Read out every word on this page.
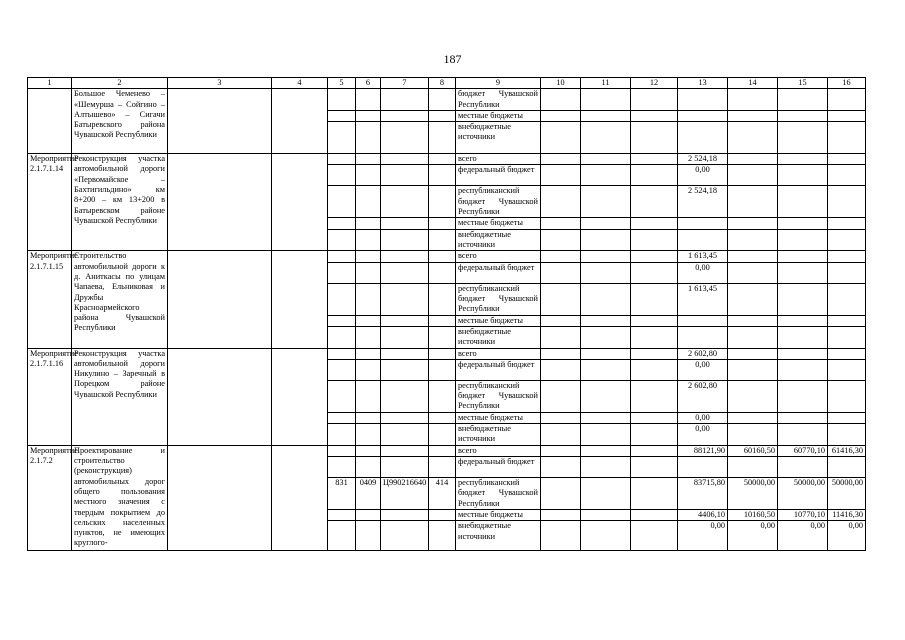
187
1	2	3	4	5	6	7	8	9	10	11	12	13	14	15	16
	Большое Чеменево – «Шемурша – Сойгино – Алтышево» – Сигачи Батыревского района Чувашской Республики							бюджет Чувашской Республики							
								местные бюджеты							
								внебюджетные источники							
Мероприятие 2.1.7.1.14	Реконструкция участка автомобильной дороги «Первомайское – Бахтигильдино» км 8+200 – км 13+200 в Батыревском районе Чувашской Республики							всего				2 524,18			
								федеральный бюджет				0,00			
								республиканский бюджет Чувашской Республики				2 524,18			
								местные бюджеты							
								внебюджетные источники							
Мероприятие 2.1.7.1.15	Строительство автомобильной дороги к д. Аниткасы по улицам Чапаева, Ельниковая и Дружбы Красноармейского района Чувашской Республики							всего				1 613,45			
								федеральный бюджет				0,00			
								республиканский бюджет Чувашской Республики				1 613,45			
								местные бюджеты							
								внебюджетные источники							
Мероприятие 2.1.7.1.16	Реконструкция участка автомобильной дороги Никулино – Заречный в Порецком районе Чувашской Республики							всего				2 602,80			
								федеральный бюджет				0,00			
								республиканский бюджет Чувашской Республики				2 602,80			
								местные бюджеты				0,00			
								внебюджетные источники				0,00			
Мероприятие 2.1.7.2	Проектирование и строительство (реконструкция) автомобильных дорог общего пользования местного значения с твердым покрытием до сельских населенных пунктов, не имеющих круглого-							всего				88121,90	60160,50	60770,10	61416,30
								федеральный бюджет							
				831	0409	Ц990216640	414	республиканский бюджет Чувашской Республики				83715,80	50000,00	50000,00	50000,00
								местные бюджеты				4406,10	10160,50	10770,10	11416,30
								внебюджетные источники				0,00	0,00	0,00	0,00
